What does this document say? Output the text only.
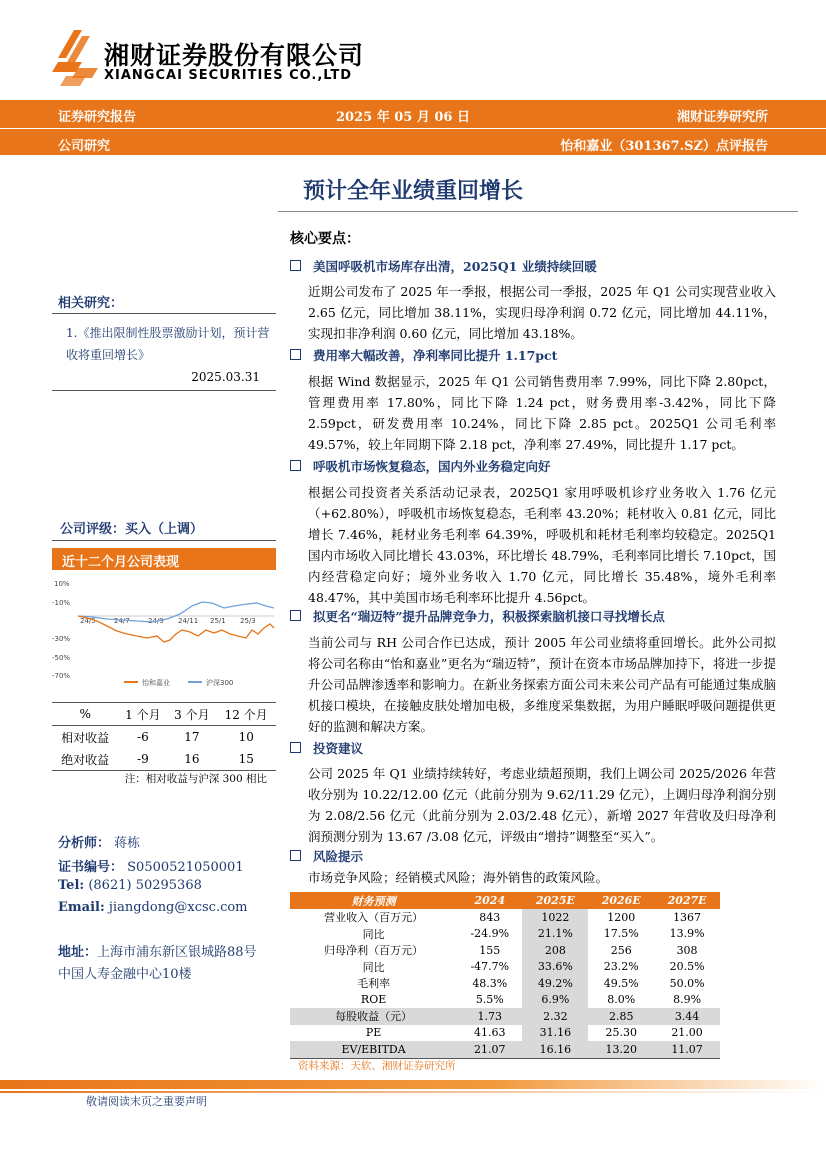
湘财证券股份有限公司
XIANGCAI SECURITIES CO.,LTD
证券研究报告	2025 年 05 月 06 日	湘财证券研究所
公司研究	怡和嘉业（301367.SZ）点评报告
预计全年业绩重回增长
相关研究：
1.《推出限制性股票激励计划，预计营收将重回增长》
2025.03.31
公司评级：买入（上调）
近十二个月公司表现
10%
-10%
-30%
-50%
-70%
24/5	24/7	24/9 24/11 25/1 25/3
怡和嘉业	沪深300
%	1 个月	3 个月	12 个月
相对收益	-6	17	10
绝对收益	-9	16	15
注：相对收益与沪深 300 相比
分析师： 蒋栋
证书编号： S0500521050001
Tel: (8621) 50295368
Email: jiangdong@xcsc.com
地址：上海市浦东新区银城路88号
中国人寿金融中心10楼
核心要点：
美国呼吸机市场库存出清，2025Q1 业绩持续回暖
近期公司发布了 2025 年一季报，根据公司一季报，2025 年 Q1 公司实现营业收入 2.65 亿元，同比增加 38.11%，实现归母净利润 0.72 亿元，同比增加 44.11%，实现扣非净利润 0.60 亿元，同比增加 43.18%。
费用率大幅改善，净利率同比提升 1.17pct
根据 Wind 数据显示，2025 年 Q1 公司销售费用率 7.99%，同比下降 2.80pct，管理费用率 17.80%，同比下降 1.24 pct，财务费用率-3.42%，同比下降 2.59pct，研发费用率 10.24%，同比下降 2.85 pct。2025Q1 公司毛利率 49.57%，较上年同期下降 2.18 pct，净利率 27.49%，同比提升 1.17 pct。
呼吸机市场恢复稳态，国内外业务稳定向好
根据公司投资者关系活动记录表，2025Q1 家用呼吸机诊疗业务收入 1.76 亿元（+62.80%），呼吸机市场恢复稳态，毛利率 43.20%；耗材收入 0.81 亿元，同比增长 7.46%，耗材业务毛利率 64.39%，呼吸机和耗材毛利率均较稳定。2025Q1 国内市场收入同比增长 43.03%，环比增长 48.79%，毛利率同比增长 7.10pct，国内经营稳定向好；境外业务收入 1.70 亿元，同比增长 35.48%，境外毛利率 48.47%，其中美国市场毛利率环比提升 4.56pct。
拟更名“瑞迈特”提升品牌竞争力，积极探索脑机接口寻找增长点
当前公司与 RH 公司合作已达成，预计 2005 年公司业绩将重回增长。此外公司拟将公司名称由“怡和嘉业”更名为“瑞迈特”，预计在资本市场品牌加持下，将进一步提升公司品牌渗透率和影响力。在新业务探索方面公司未来公司产品有可能通过集成脑机接口模块，在接触皮肤处增加电极，多维度采集数据，为用户睡眠呼吸问题提供更好的监测和解决方案。
投资建议
公司 2025 年 Q1 业绩持续转好，考虑业绩超预期，我们上调公司 2025/2026 年营收分别为 10.22/12.00 亿元（此前分别为 9.62/11.29 亿元），上调归母净利润分别为 2.08/2.56 亿元（此前分别为 2.03/2.48 亿元），新增 2027 年营收及归母净利润预测分别为 13.67 /3.08 亿元，评级由“增持”调整至“买入”。
风险提示
市场竞争风险；经销模式风险；海外销售的政策风险。
财务预测	2024	2025E	2026E	2027E
营业收入（百万元）	843	1022	1200	1367
同比	-24.9%	21.1%	17.5%	13.9%
归母净利（百万元）	155	208	256	308
同比	-47.7%	33.6%	23.2%	20.5%
毛利率	48.3%	49.2%	49.5%	50.0%
ROE	5.5%	6.9%	8.0%	8.9%
每股收益（元）	1.73	2.32	2.85	3.44
PE	41.63	31.16	25.30	21.00
EV/EBITDA	21.07	16.16	13.20	11.07
资料来源：天软、湘财证券研究所
敬请阅读末页之重要声明
